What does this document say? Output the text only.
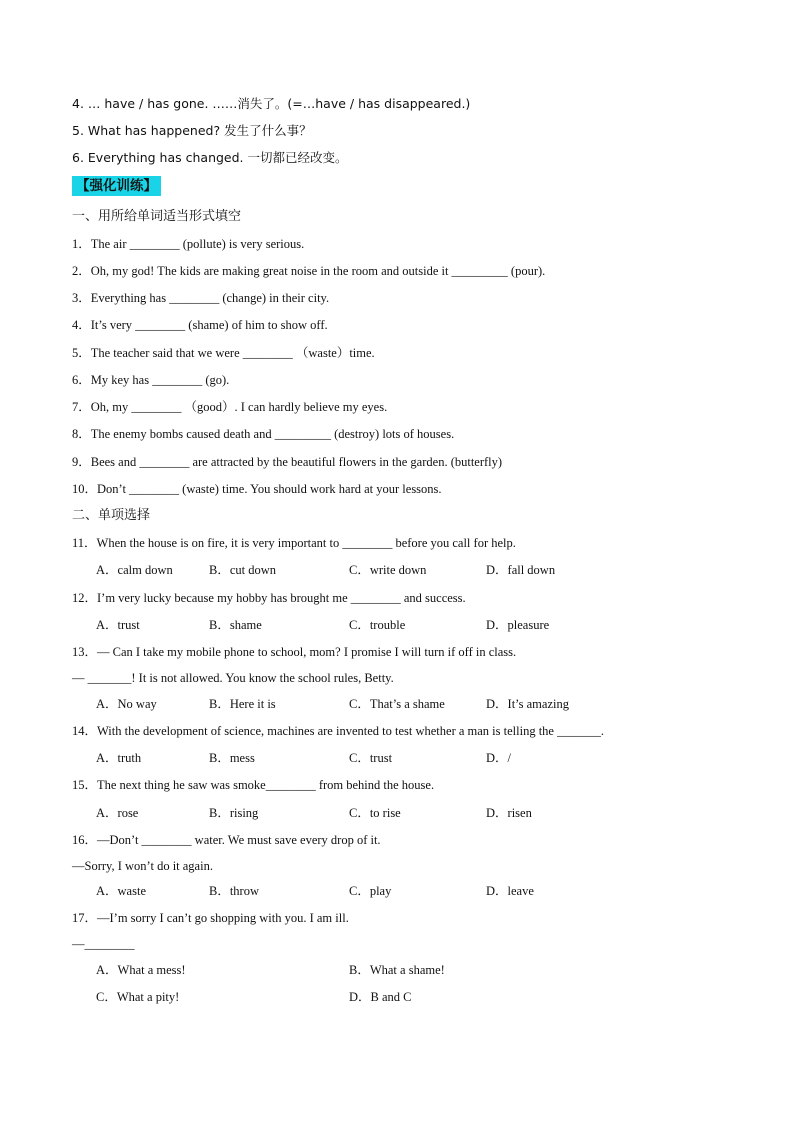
4. … have / has gone. ……消失了。(=…have / has disappeared.)
5. What has happened? 发生了什么事？
6. Everything has changed. 一切都已经改变。
【强化训练】
一、用所给单词适当形式填空
1．The air ________ (pollute) is very serious.
2．Oh, my god! The kids are making great noise in the room and outside it _________ (pour).
3．Everything has ________ (change) in their city.
4．It’s very ________ (shame) of him to show off.
5．The teacher said that we were ________ （waste）time.
6．My key has ________ (go).
7．Oh, my ________ （good）. I can hardly believe my eyes.
8．The enemy bombs caused death and _________ (destroy) lots of houses.
9．Bees and ________ are attracted by the beautiful flowers in the garden. (butterfly)
10．Don’t ________ (waste) time. You should work hard at your lessons.
二、单项选择
11．When the house is on fire, it is very important to ________ before you call for help.
A．calm down	B．cut down	C．write down	D．fall down
12．I’m very lucky because my hobby has brought me ________ and success.
A．trust	B．shame	C．trouble	D．pleasure
13．— Can I take my mobile phone to school, mom? I promise I will turn if off in class.
— _______! It is not allowed. You know the school rules, Betty.
A．No way	B．Here it is	C．That’s a shame	D．It’s amazing
14．With the development of science, machines are invented to test whether a man is telling the _______.
A．truth	B．mess	C．trust	D．/
15．The next thing he saw was smoke________ from behind the house.
A．rose	B．rising	C．to rise	D．risen
16．—Don’t ________ water. We must save every drop of it.
—Sorry, I won’t do it again.
A．waste	B．throw	C．play	D．leave
17．—I’m sorry I can’t go shopping with you. I am ill.
—________
A．What a mess!	B．What a shame!
C．What a pity!	D．B and C
